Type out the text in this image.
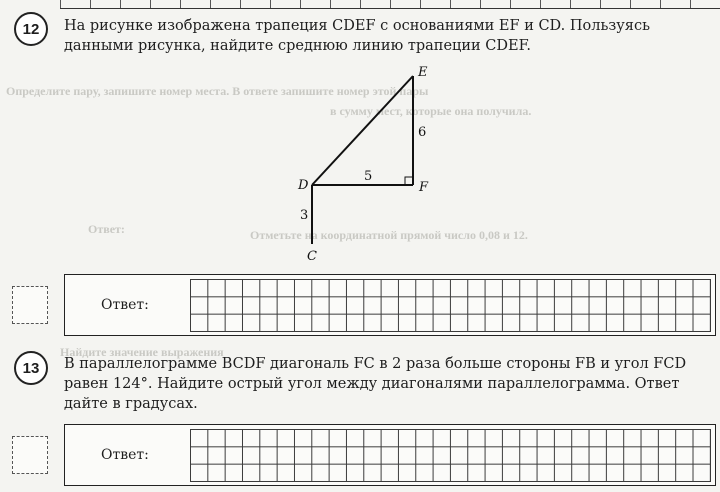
Определите пару, запишите номер места. В ответе запишите номер этой пары
в сумму мест, которые она получила.
Отметьте на координатной прямой число 0,08 и 12.
Найдите значение выражения
Ответ:
12 На рисунке изображена трапеция CDEF с основаниями EF и CD. Пользуясь
данными рисунка, найдите среднюю линию трапеции CDEF.
E
D	F
C
6
5
3
Ответ:
13 В параллелограмме BCDF диагональ FC в 2 раза больше стороны FB и угол FCD
равен 124°. Найдите острый угол между диагоналями параллелограмма. Ответ
дайте в градусах.
Ответ:
